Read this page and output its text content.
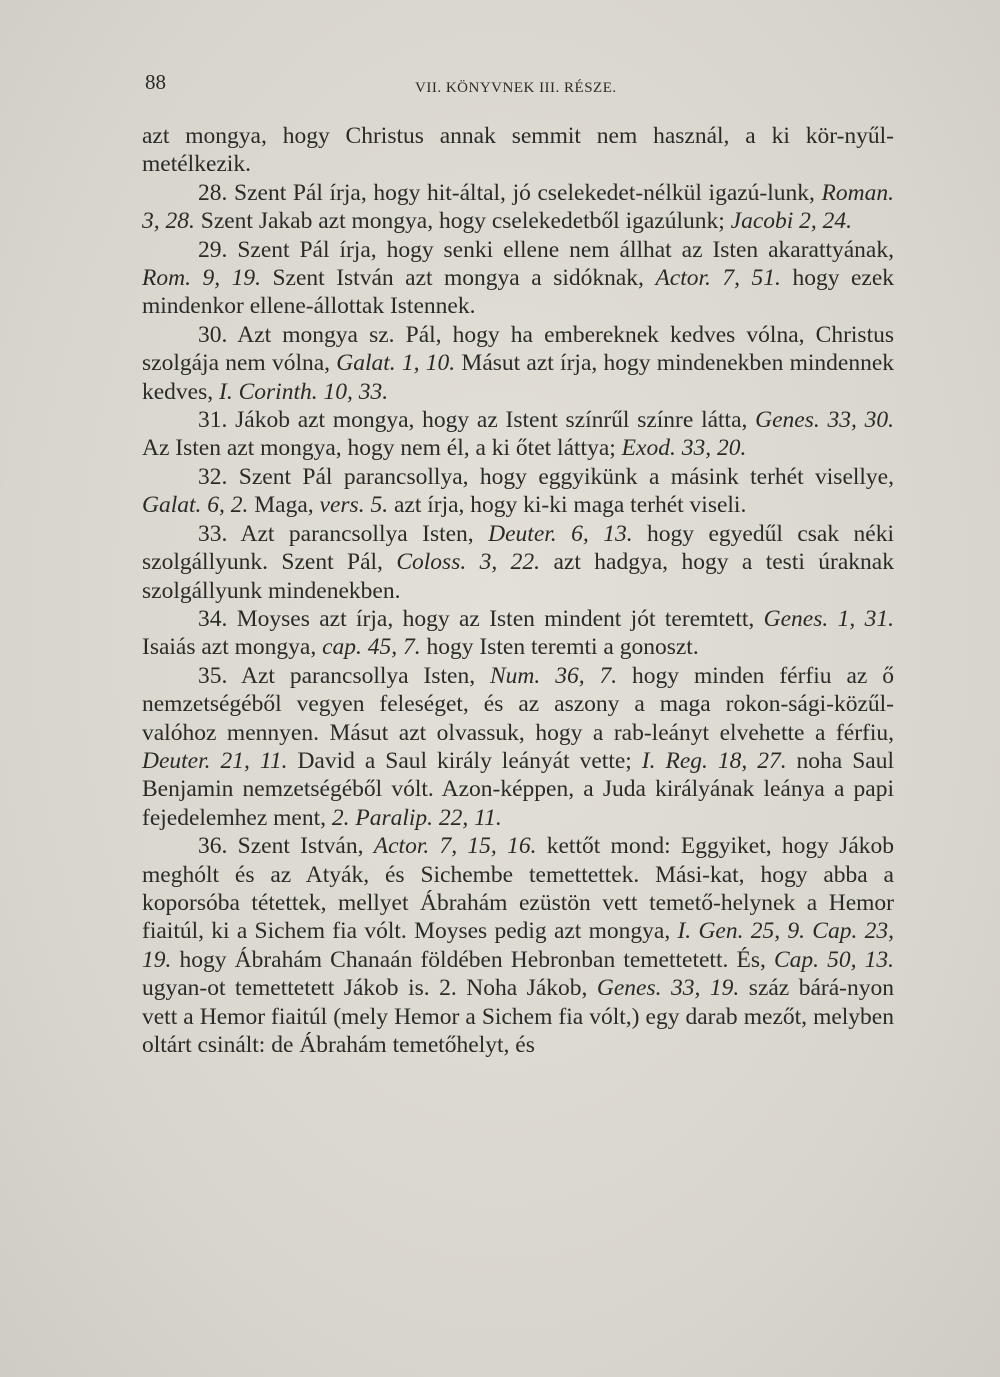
88	VII. KÖNYVNEK III. RÉSZE.

azt mongya, hogy Christus annak semmit nem használ, a ki kör-nyűl-metélkezik.

28. Szent Pál írja, hogy hit-által, jó cselekedet-nélkül igazú-lunk, Roman. 3, 28. Szent Jakab azt mongya, hogy cselekedetből igazúlunk; Jacobi 2, 24.

29. Szent Pál írja, hogy senki ellene nem állhat az Isten akarattyának, Rom. 9, 19. Szent István azt mongya a sidóknak, Actor. 7, 51. hogy ezek mindenkor ellene-állottak Istennek.

30. Azt mongya sz. Pál, hogy ha embereknek kedves vólna, Christus szolgája nem vólna, Galat. 1, 10. Másut azt írja, hogy mindenekben mindennek kedves, I. Corinth. 10, 33.

31. Jákob azt mongya, hogy az Istent színrűl színre látta, Genes. 33, 30. Az Isten azt mongya, hogy nem él, a ki őtet láttya; Exod. 33, 20.

32. Szent Pál parancsollya, hogy eggyikünk a másink terhét visellye, Galat. 6, 2. Maga, vers. 5. azt írja, hogy ki-ki maga terhét viseli.

33. Azt parancsollya Isten, Deuter. 6, 13. hogy egyedűl csak néki szolgállyunk. Szent Pál, Coloss. 3, 22. azt hadgya, hogy a testi úraknak szolgállyunk mindenekben.

34. Moyses azt írja, hogy az Isten mindent jót teremtett, Genes. 1, 31. Isaiás azt mongya, cap. 45, 7. hogy Isten teremti a gonoszt.

35. Azt parancsollya Isten, Num. 36, 7. hogy minden férfiu az ő nemzetségéből vegyen feleséget, és az aszony a maga rokon-sági-közűl-valóhoz mennyen. Másut azt olvassuk, hogy a rab-leányt elvehette a férfiu, Deuter. 21, 11. David a Saul király leányát vette; I. Reg. 18, 27. noha Saul Benjamin nemzetségéből vólt. Azon-képpen, a Juda királyának leánya a papi fejedelemhez ment, 2. Paralip. 22, 11.

36. Szent István, Actor. 7, 15, 16. kettőt mond: Eggyiket, hogy Jákob meghólt és az Atyák, és Sichembe temettettek. Mási-kat, hogy abba a koporsóba tétettek, mellyet Ábrahám ezüstön vett temető-helynek a Hemor fiaitúl, ki a Sichem fia vólt. Moyses pedig azt mongya, I. Gen. 25, 9. Cap. 23, 19. hogy Ábrahám Chanaán földében Hebronban temettetett. És, Cap. 50, 13. ugyan-ot temettetett Jákob is. 2. Noha Jákob, Genes. 33, 19. száz bárá-nyon vett a Hemor fiaitúl (mely Hemor a Sichem fia vólt,) egy darab mezőt, melyben oltárt csinált: de Ábrahám temetőhelyt, és
